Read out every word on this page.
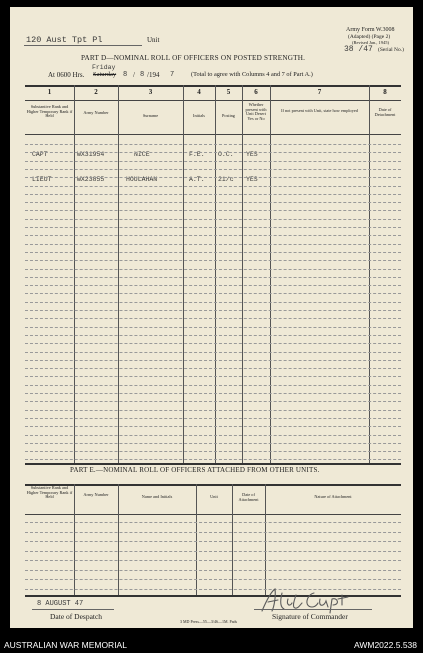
120 Aust Tpt Pl	Unit
Army Form W.3008
(Adapted) (Page 2)
(Revised Jan., 1945)
38 /47 (Serial No.)
PART D—NOMINAL ROLL OF OFFICERS ON POSTED STRENGTH.
At 0600 Hrs.
Friday
Saturday 8 / 8 /194 7	(Total to agree with Columns 4 and 7 of Part A.)
1	2	3	4	5	6	7	8
Substantive Rank and Higher Temporary Rank if Held
Army Number
Surname	Initials	Posting
Whether present with Unit Desert Yes or No
If not present with Unit, state how employed	Date of Detachment
CAPT	WX31954	NICE	F.E. O.C. YES
LIEUT	WX23855	HOULAHAN	A.T. 2i/c YES
PART E.—NOMINAL ROLL OF OFFICERS ATTACHED FROM OTHER UNITS.
Substantive Rank and Higher Temporary Rank if Held	Army Number	Name and Initials	Unit	Date of Attachment
Nature of Attachment
8 AUGUST 47
Date of Despatch	Signature of Commander
3 MD Press—55—3/46—1M. Pads
AUSTRALIAN WAR MEMORIAL	AWM2022.5.538
